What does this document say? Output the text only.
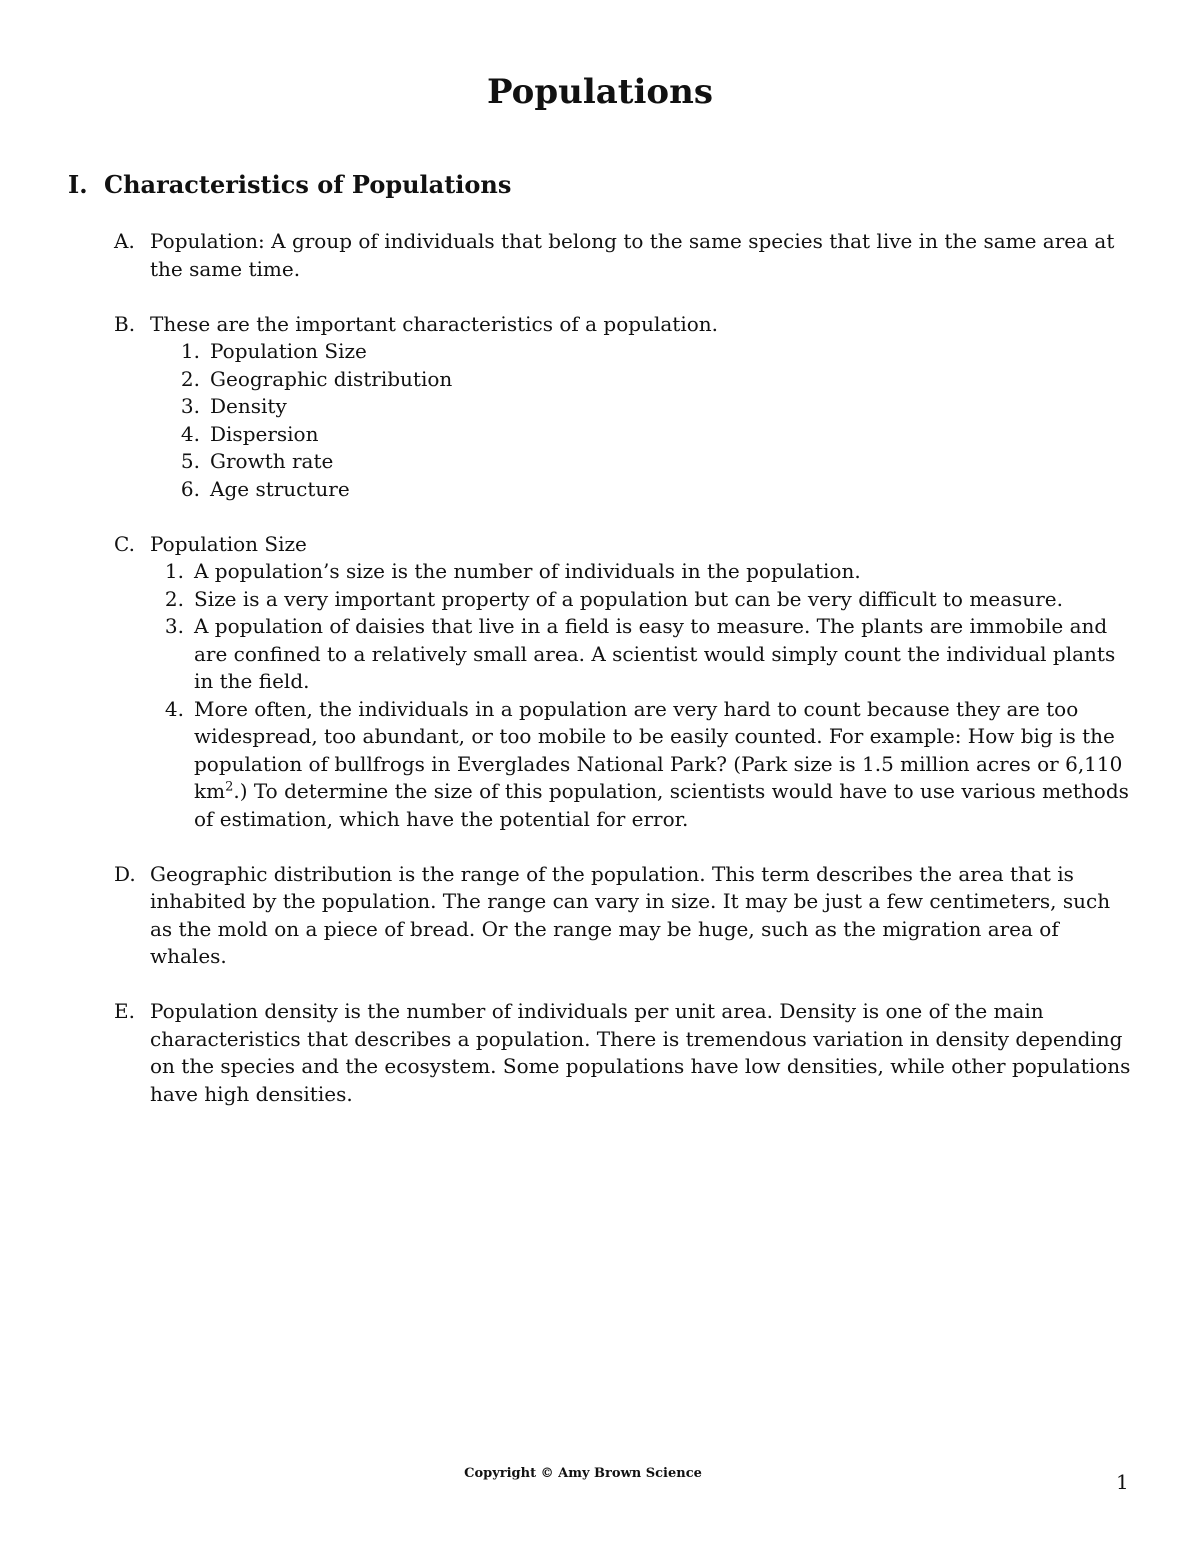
Populations
I. Characteristics of Populations
A. Population: A group of individuals that belong to the same species that live in the same area at the same time.
B. These are the important characteristics of a population.
1. Population Size
2. Geographic distribution
3. Density
4. Dispersion
5. Growth rate
6. Age structure
C. Population Size
1. A population’s size is the number of individuals in the population.
2. Size is a very important property of a population but can be very difficult to measure.
3. A population of daisies that live in a field is easy to measure. The plants are immobile and are confined to a relatively small area. A scientist would simply count the individual plants in the field.
4. More often, the individuals in a population are very hard to count because they are too widespread, too abundant, or too mobile to be easily counted. For example: How big is the population of bullfrogs in Everglades National Park? (Park size is 1.5 million acres or 6,110 $km^2$.) To determine the size of this population, scientists would have to use various methods of estimation, which have the potential for error.
D. Geographic distribution is the range of the population. This term describes the area that is inhabited by the population. The range can vary in size. It may be just a few centimeters, such as the mold on a piece of bread. Or the range may be huge, such as the migration area of whales.
E. Population density is the number of individuals per unit area. Density is one of the main characteristics that describes a population. There is tremendous variation in density depending on the species and the ecosystem. Some populations have low densities, while other populations have high densities.
Copyright © Amy Brown Science	1
